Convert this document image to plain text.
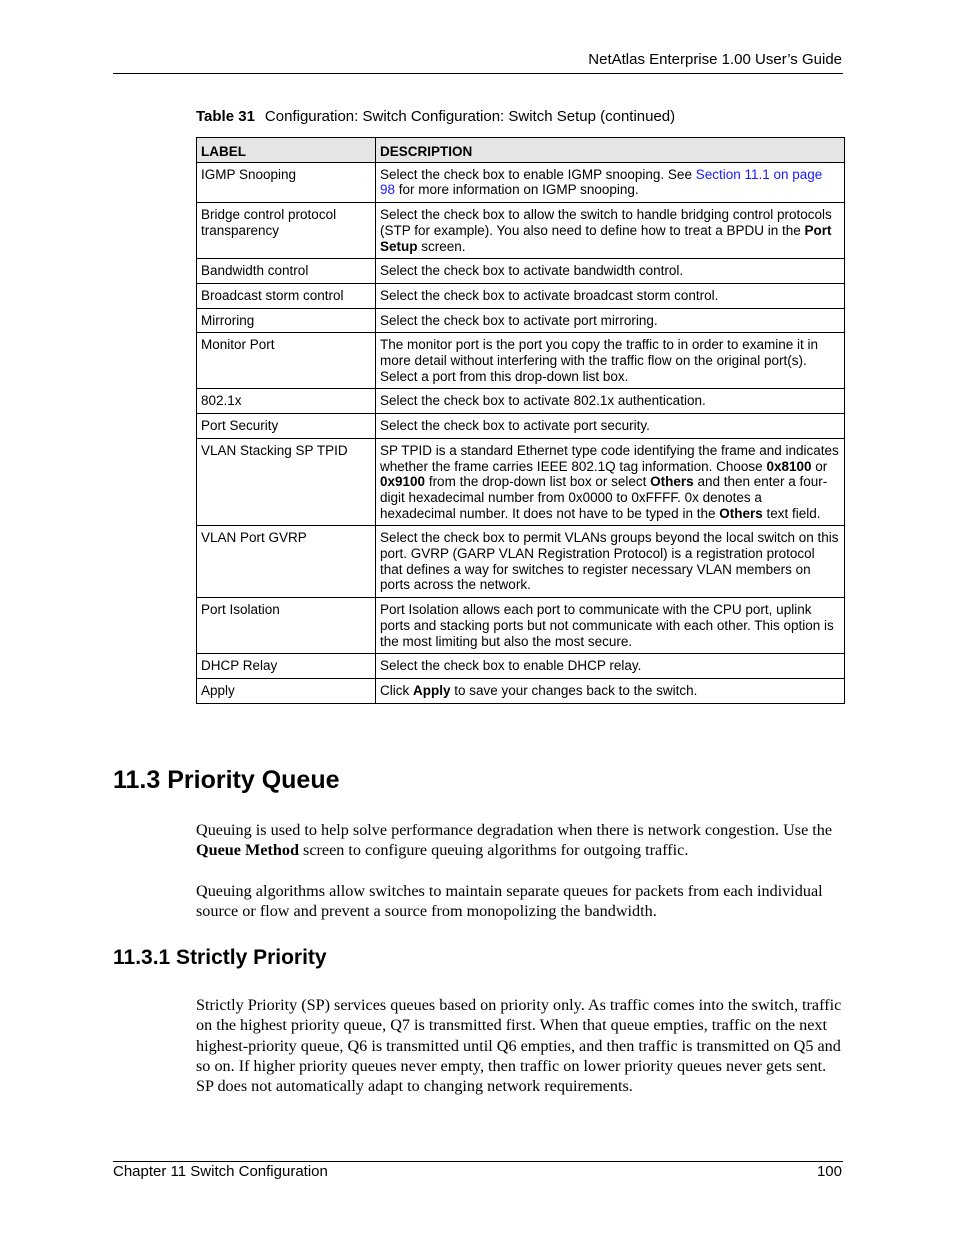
NetAtlas Enterprise 1.00 User’s Guide
Table 31 Configuration: Switch Configuration: Switch Setup (continued)
LABEL	DESCRIPTION
IGMP Snooping	Select the check box to enable IGMP snooping. See Section 11.1 on page 98 for more information on IGMP snooping.
Bridge control protocol transparency	Select the check box to allow the switch to handle bridging control protocols (STP for example). You also need to define how to treat a BPDU in the Port Setup screen.
Bandwidth control	Select the check box to activate bandwidth control.
Broadcast storm control	Select the check box to activate broadcast storm control.
Mirroring	Select the check box to activate port mirroring.
Monitor Port	The monitor port is the port you copy the traffic to in order to examine it in more detail without interfering with the traffic flow on the original port(s). Select a port from this drop-down list box.
802.1x	Select the check box to activate 802.1x authentication.
Port Security	Select the check box to activate port security.
VLAN Stacking SP TPID	SP TPID is a standard Ethernet type code identifying the frame and indicates whether the frame carries IEEE 802.1Q tag information. Choose 0x8100 or 0x9100 from the drop-down list box or select Others and then enter a four-digit hexadecimal number from 0x0000 to 0xFFFF. 0x denotes a hexadecimal number. It does not have to be typed in the Others text field.
VLAN Port GVRP	Select the check box to permit VLANs groups beyond the local switch on this port. GVRP (GARP VLAN Registration Protocol) is a registration protocol that defines a way for switches to register necessary VLAN members on ports across the network.
Port Isolation	Port Isolation allows each port to communicate with the CPU port, uplink ports and stacking ports but not communicate with each other. This option is the most limiting but also the most secure.
DHCP Relay	Select the check box to enable DHCP relay.
Apply	Click Apply to save your changes back to the switch.
11.3 Priority Queue

Queuing is used to help solve performance degradation when there is network congestion. Use the Queue Method screen to configure queuing algorithms for outgoing traffic.

Queuing algorithms allow switches to maintain separate queues for packets from each individual source or flow and prevent a source from monopolizing the bandwidth.

11.3.1 Strictly Priority

Strictly Priority (SP) services queues based on priority only. As traffic comes into the switch, traffic on the highest priority queue, Q7 is transmitted first. When that queue empties, traffic on the next highest-priority queue, Q6 is transmitted until Q6 empties, and then traffic is transmitted on Q5 and so on. If higher priority queues never empty, then traffic on lower priority queues never gets sent. SP does not automatically adapt to changing network requirements.

Chapter 11 Switch Configuration	100
